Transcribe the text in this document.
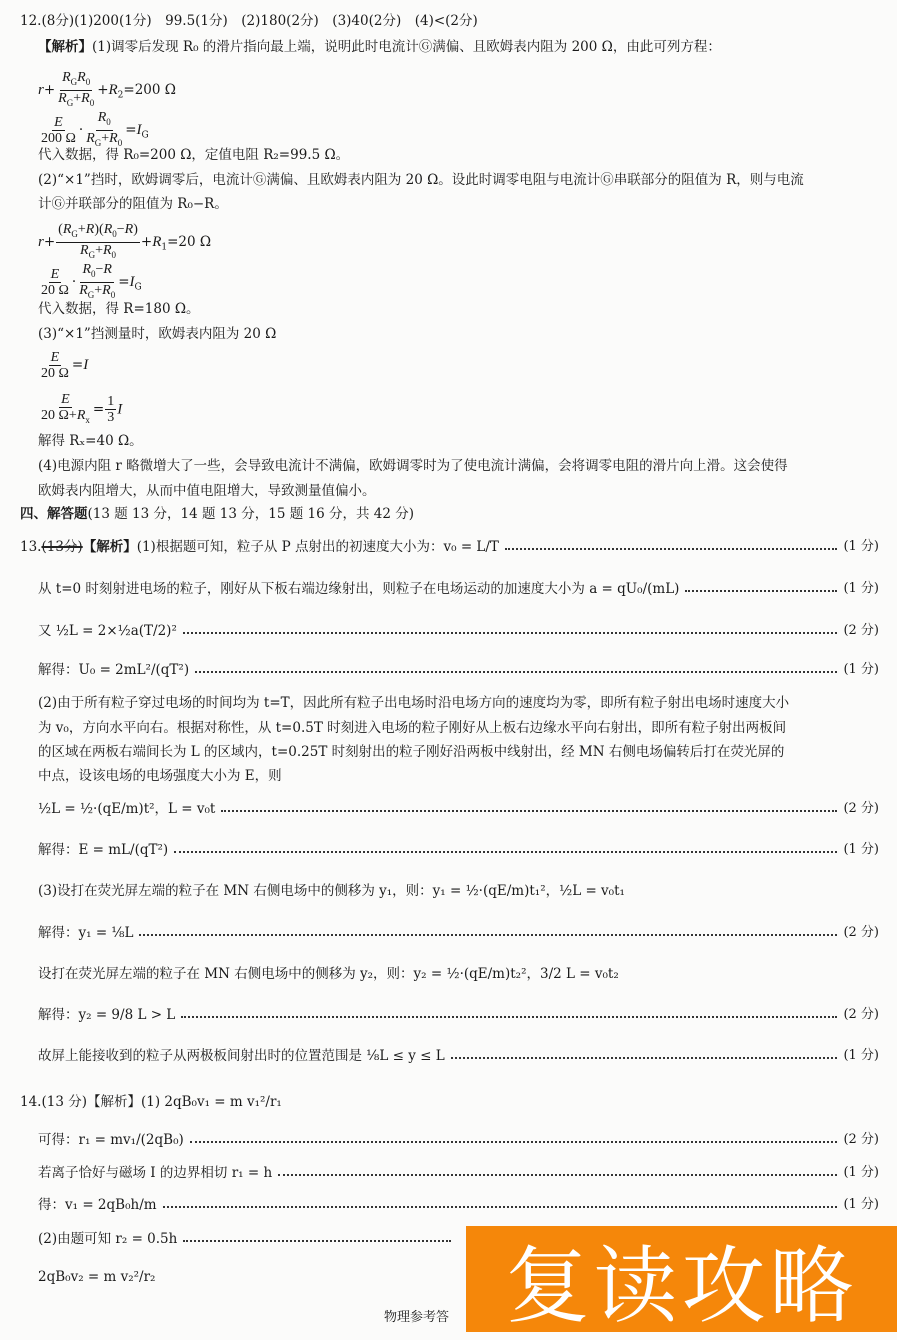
12.(8分)(1)200(1分)　99.5(1分)　(2)180(2分)　(3)40(2分)　(4)<(2分)
【解析】(1)调零后发现 R₀ 的滑片指向最上端，说明此时电流计Ⓖ满偏、且欧姆表内阻为 200 Ω，由此可列方程：
$r+ \frac{R_GR_0}{R_G+R_0} +R_2=200$ Ω
$\frac{E}{200 \Omega} \cdot \frac{R_0}{R_G+R_0} =I_G$
代入数据，得 R₀=200 Ω，定值电阻 R₂=99.5 Ω。
(2)“×1”挡时，欧姆调零后，电流计Ⓖ满偏、且欧姆表内阻为 20 Ω。设此时调零电阻与电流计Ⓖ串联部分的阻值为 R，则与电流
计Ⓖ并联部分的阻值为 R₀−R。
$r+ \frac{(R_G+R)(R_0-R)}{R_G+R_0} +R_1=20$ Ω
$\frac{E}{20 \Omega} \cdot \frac{R_0-R}{R_G+R_0} =I_G$
代入数据，得 R=180 Ω。
(3)“×1”挡测量时，欧姆表内阻为 20 Ω
$\frac{E}{20 \Omega} =I$
$\frac{E}{20 \Omega+R_x} = \frac{1}{3}$ I
解得 Rₓ=40 Ω。
(4)电源内阻 r 略微增大了一些，会导致电流计不满偏，欧姆调零时为了使电流计满偏，会将调零电阻的滑片向上滑。这会使得
欧姆表内阻增大，从而中值电阻增大，导致测量值偏小。
四、解答题(13 题 13 分，14 题 13 分，15 题 16 分，共 42 分)
13.(13分)【解析】(1)根据题可知，粒子从 P 点射出的初速度大小为：v₀ = L/T	(1 分)
从 t=0 时刻射进电场的粒子，刚好从下板右端边缘射出，则粒子在电场运动的加速度大小为 a = qU₀/(mL)	(1 分)
又 ½L = 2×½a(T/2)²	(2 分)
解得：U₀ = 2mL²/(qT²)	(1 分)
(2)由于所有粒子穿过电场的时间均为 t=T，因此所有粒子出电场时沿电场方向的速度均为零，即所有粒子射出电场时速度大小
为 v₀，方向水平向右。根据对称性，从 t=0.5T 时刻进入电场的粒子刚好从上板右边缘水平向右射出，即所有粒子射出两板间
的区域在两板右端间长为 L 的区域内，t=0.25T 时刻射出的粒子刚好沿两板中线射出，经 MN 右侧电场偏转后打在荧光屏的
中点，设该电场的电场强度大小为 E，则
½L = ½·(qE/m)t²，L = v₀t	(2 分)
解得：E = mL/(qT²)	(1 分)
(3)设打在荧光屏左端的粒子在 MN 右侧电场中的侧移为 y₁，则：y₁ = ½·(qE/m)t₁²，½L = v₀t₁
解得：y₁ = ⅛L	(2 分)
设打在荧光屏左端的粒子在 MN 右侧电场中的侧移为 y₂，则：y₂ = ½·(qE/m)t₂²，3/2 L = v₀t₂
解得：y₂ = 9/8 L > L	(2 分)
故屏上能接收到的粒子从两极板间射出时的位置范围是 ⅛L ≤ y ≤ L	(1 分)
14.(13 分)【解析】(1) 2qB₀v₁ = m v₁²/r₁
可得：r₁ = mv₁/(2qB₀)	(2 分)
若离子恰好与磁场 I 的边界相切 r₁ = h	(1 分)
得：v₁ = 2qB₀h/m	(1 分)
(2)由题可知 r₂ = 0.5h
2qB₀v₂ = m v₂²/r₂
物理参考答 复读攻略
